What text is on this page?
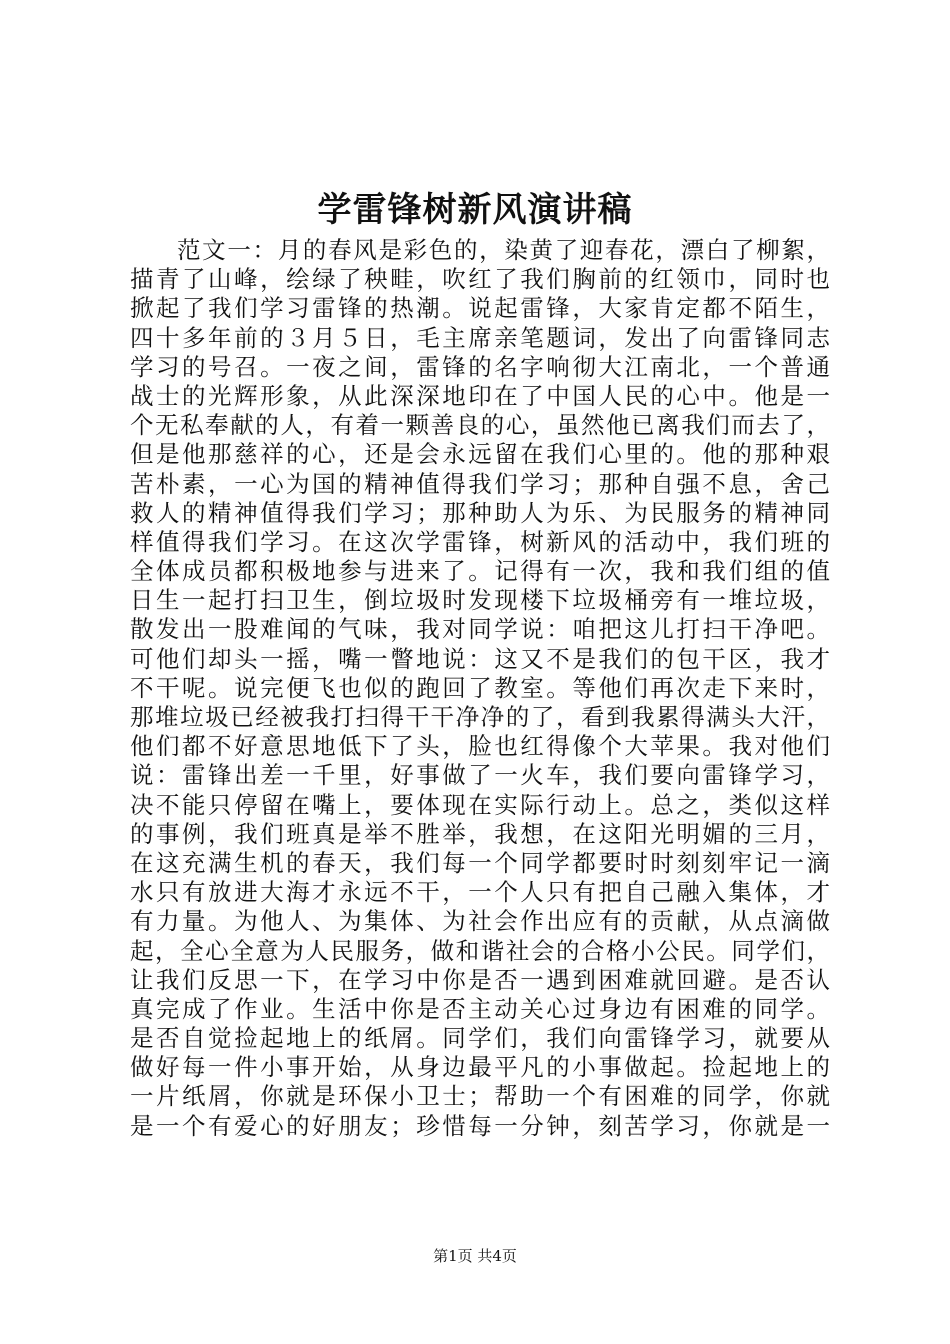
学雷锋树新风演讲稿
范文一：月的春风是彩色的，染黄了迎春花，漂白了柳絮，
描青了山峰，绘绿了秧畦，吹红了我们胸前的红领巾，同时也
掀起了我们学习雷锋的热潮。说起雷锋，大家肯定都不陌生，
四十多年前的３月５日，毛主席亲笔题词，发出了向雷锋同志
学习的号召。一夜之间，雷锋的名字响彻大江南北，一个普通
战士的光辉形象，从此深深地印在了中国人民的心中。他是一
个无私奉献的人，有着一颗善良的心，虽然他已离我们而去了，
但是他那慈祥的心，还是会永远留在我们心里的。他的那种艰
苦朴素，一心为国的精神值得我们学习；那种自强不息，舍己
救人的精神值得我们学习；那种助人为乐、为民服务的精神同
样值得我们学习。在这次学雷锋，树新风的活动中，我们班的
全体成员都积极地参与进来了。记得有一次，我和我们组的值
日生一起打扫卫生，倒垃圾时发现楼下垃圾桶旁有一堆垃圾，
散发出一股难闻的气味，我对同学说：咱把这儿打扫干净吧。
可他们却头一摇，嘴一瞥地说：这又不是我们的包干区，我才
不干呢。说完便飞也似的跑回了教室。等他们再次走下来时，
那堆垃圾已经被我打扫得干干净净的了，看到我累得满头大汗，
他们都不好意思地低下了头，脸也红得像个大苹果。我对他们
说：雷锋出差一千里，好事做了一火车，我们要向雷锋学习，
决不能只停留在嘴上，要体现在实际行动上。总之，类似这样
的事例，我们班真是举不胜举，我想，在这阳光明媚的三月，
在这充满生机的春天，我们每一个同学都要时时刻刻牢记一滴
水只有放进大海才永远不干，一个人只有把自己融入集体，才
有力量。为他人、为集体、为社会作出应有的贡献，从点滴做
起，全心全意为人民服务，做和谐社会的合格小公民。同学们，
让我们反思一下，在学习中你是否一遇到困难就回避。是否认
真完成了作业。生活中你是否主动关心过身边有困难的同学。
是否自觉捡起地上的纸屑。同学们，我们向雷锋学习，就要从
做好每一件小事开始，从身边最平凡的小事做起。捡起地上的
一片纸屑，你就是环保小卫士；帮助一个有困难的同学，你就
是一个有爱心的好朋友；珍惜每一分钟，刻苦学习，你就是一
第1页 共4页
